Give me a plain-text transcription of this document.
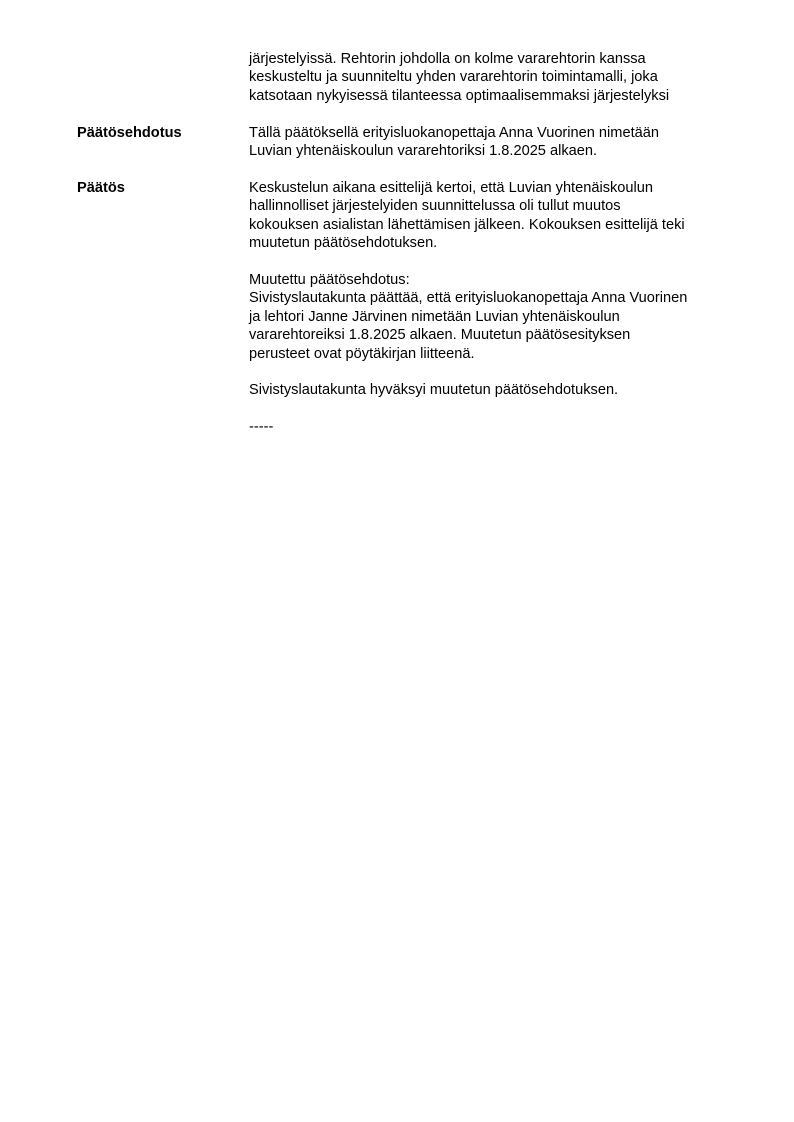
järjestelyissä. Rehtorin johdolla on kolme vararehtorin kanssa
keskusteltu ja suunniteltu yhden vararehtorin toimintamalli, joka
katsotaan nykyisessä tilanteessa optimaalisemmaksi järjestelyksi

Päätösehdotus	Tällä päätöksellä erityisluokanopettaja Anna Vuorinen nimetään
Luvian yhtenäiskoulun vararehtoriksi 1.8.2025 alkaen.

Päätös	Keskustelun aikana esittelijä kertoi, että Luvian yhtenäiskoulun
hallinnolliset järjestelyiden suunnittelussa oli tullut muutos
kokouksen asialistan lähettämisen jälkeen. Kokouksen esittelijä teki
muutetun päätösehdotuksen.
Muutettu päätösehdotus:
Sivistyslautakunta päättää, että erityisluokanopettaja Anna Vuorinen
ja lehtori Janne Järvinen nimetään Luvian yhtenäiskoulun
vararehtoreiksi 1.8.2025 alkaen. Muutetun päätösesityksen
perusteet ovat pöytäkirjan liitteenä.
Sivistyslautakunta hyväksyi muutetun päätösehdotuksen.
-----
